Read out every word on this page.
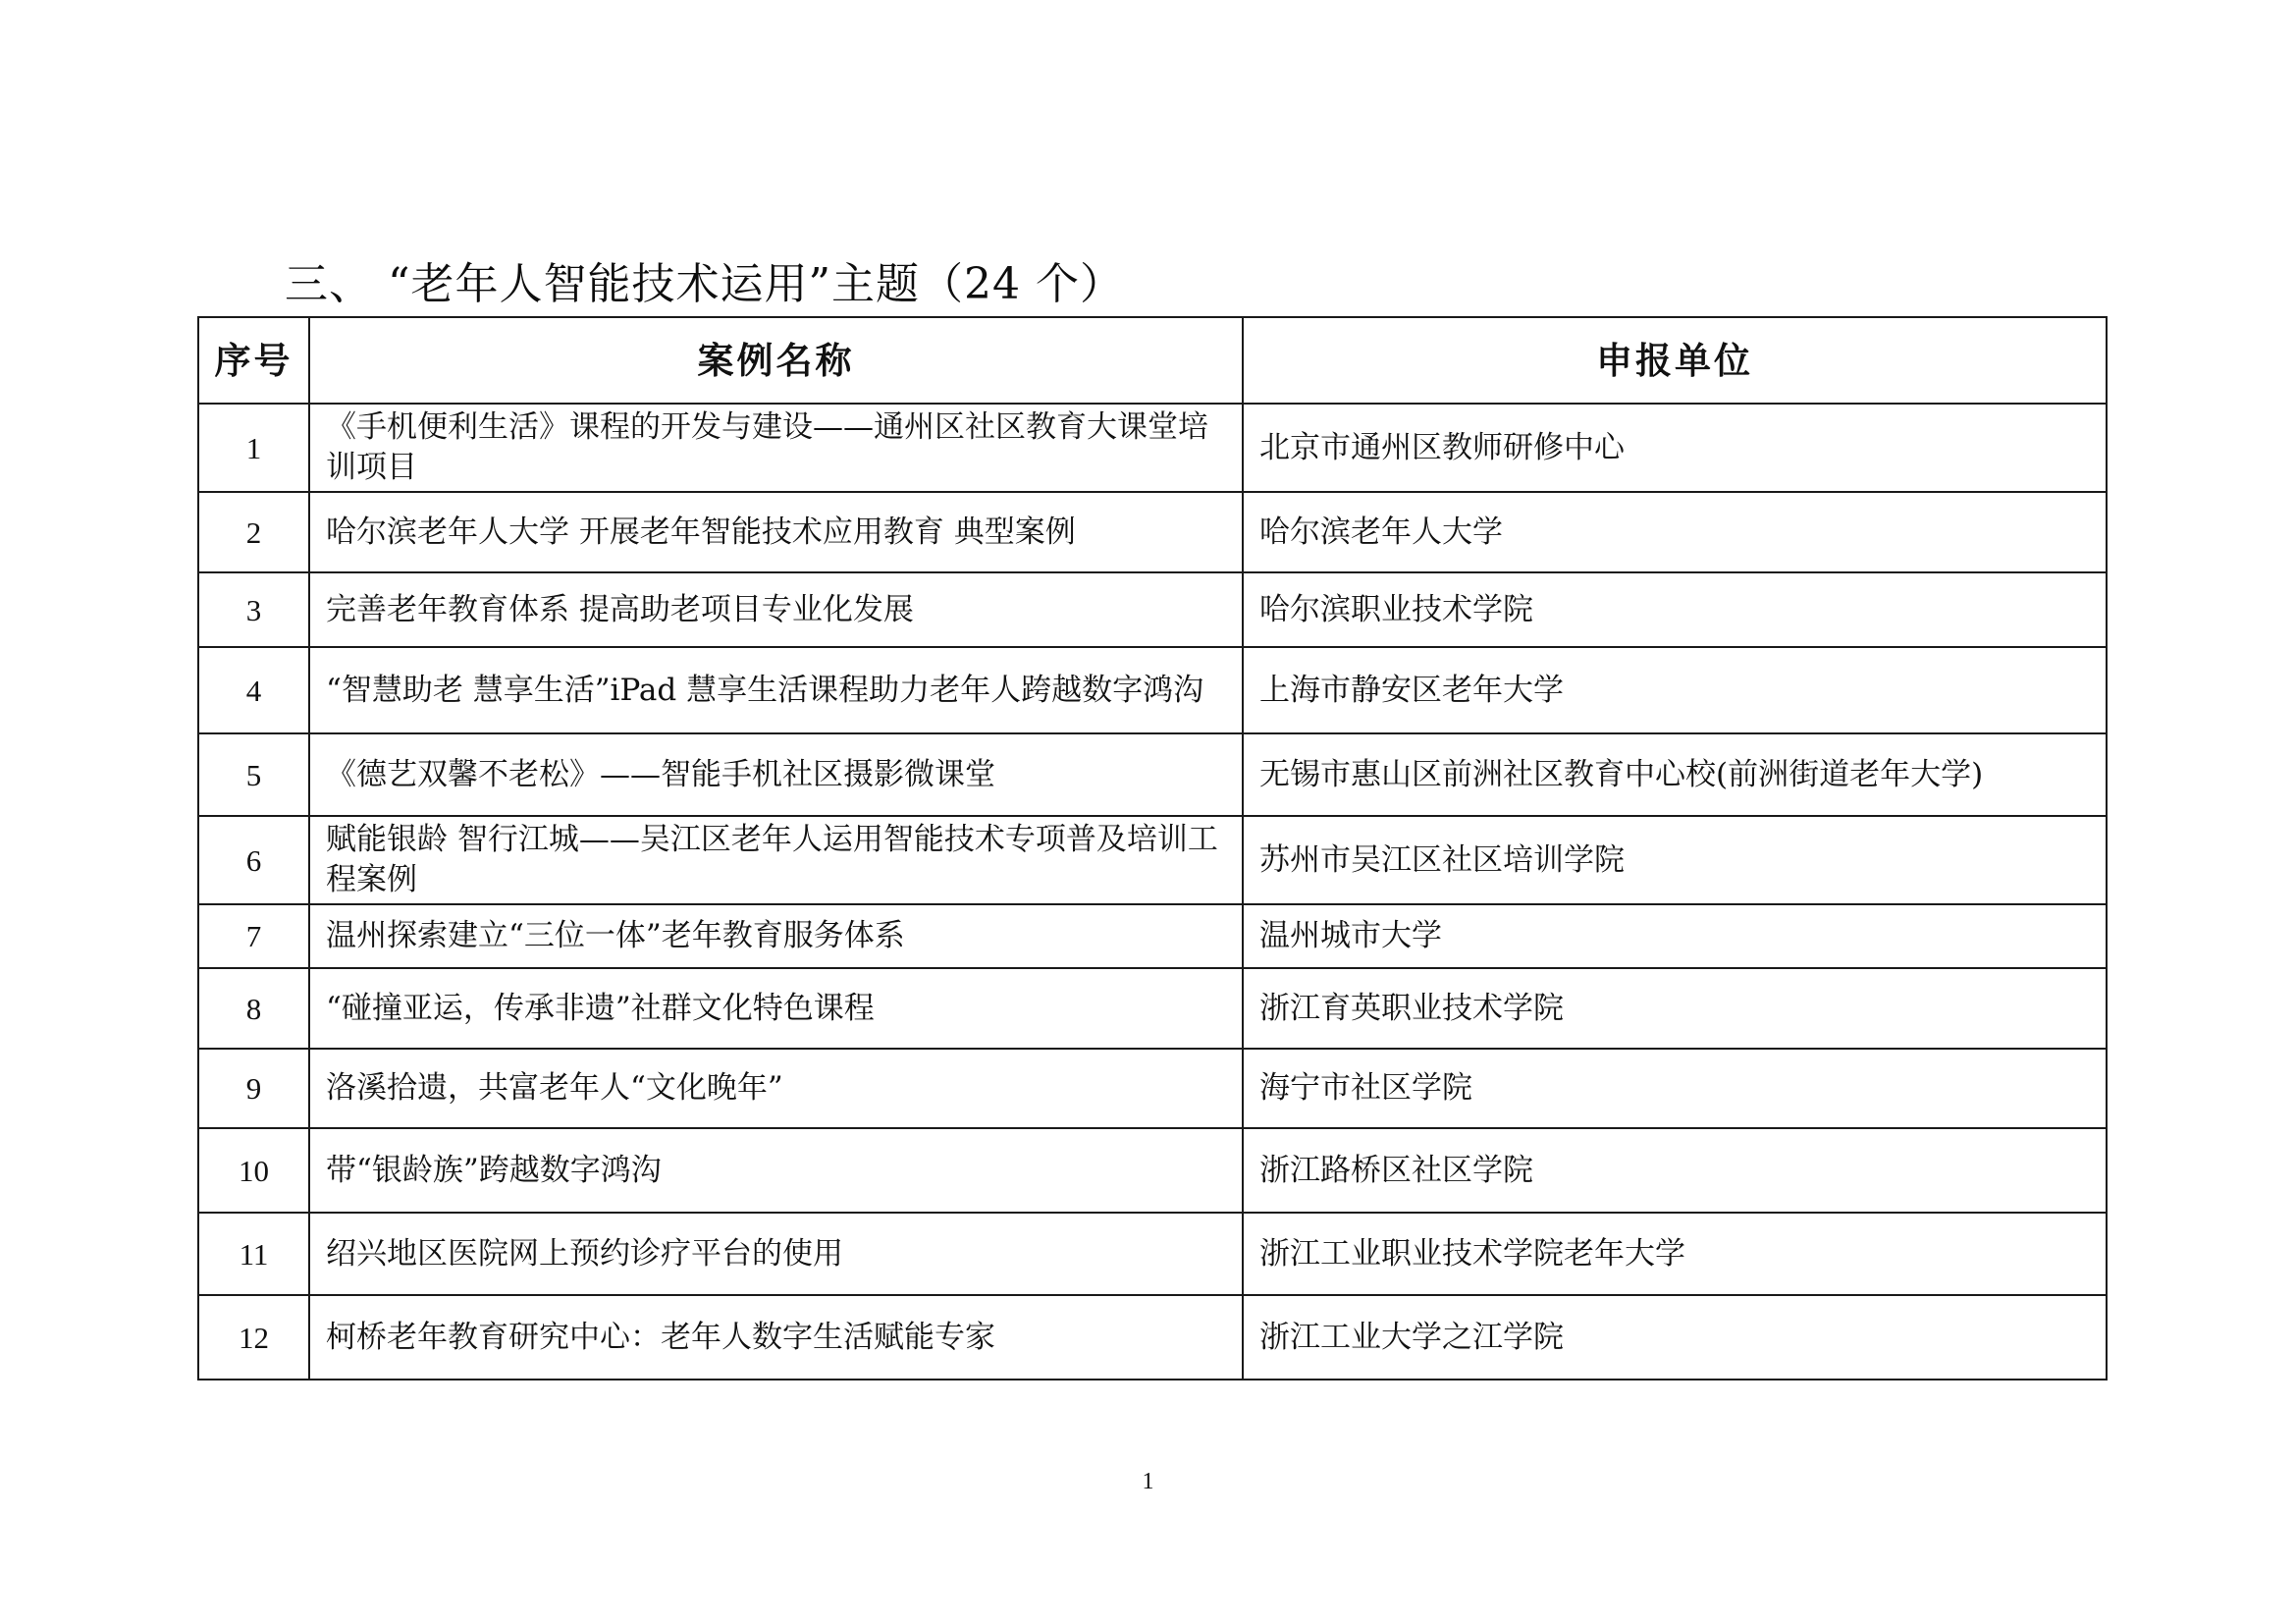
三、 “老年人智能技术运用”主题（24 个）
序号	案例名称	申报单位
1	《手机便利生活》课程的开发与建设——通州区社区教育大课堂培训项目	北京市通州区教师研修中心
2	哈尔滨老年人大学 开展老年智能技术应用教育 典型案例	哈尔滨老年人大学
3	完善老年教育体系 提高助老项目专业化发展	哈尔滨职业技术学院
4	“智慧助老 慧享生活”iPad 慧享生活课程助力老年人跨越数字鸿沟	上海市静安区老年大学
5	《德艺双馨不老松》——智能手机社区摄影微课堂	无锡市惠山区前洲社区教育中心校(前洲街道老年大学)
6	赋能银龄 智行江城——吴江区老年人运用智能技术专项普及培训工程案例	苏州市吴江区社区培训学院
7	温州探索建立“三位一体”老年教育服务体系	温州城市大学
8	“碰撞亚运，传承非遗”社群文化特色课程	浙江育英职业技术学院
9	洛溪拾遗，共富老年人“文化晚年”	海宁市社区学院
10	带“银龄族”跨越数字鸿沟	浙江路桥区社区学院
11	绍兴地区医院网上预约诊疗平台的使用	浙江工业职业技术学院老年大学
12	柯桥老年教育研究中心：老年人数字生活赋能专家	浙江工业大学之江学院
1
